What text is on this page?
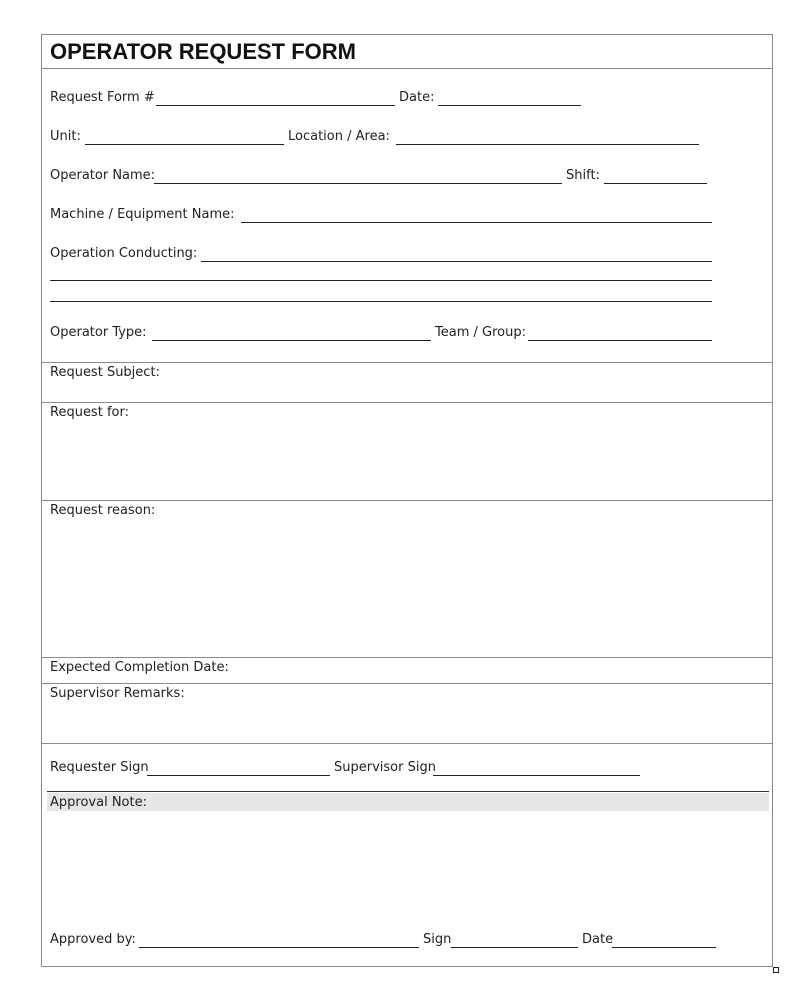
OPERATOR REQUEST FORM
Request Form #	Date:
Unit:	Location / Area:
Operator Name:	Shift:
Machine / Equipment Name:
Operation Conducting:
Operator Type:	Team / Group:
Request Subject:
Request for:
Request reason:
Expected Completion Date:
Supervisor Remarks:
Requester Sign	Supervisor Sign
Approval Note:
Approved by:	Sign	Date
